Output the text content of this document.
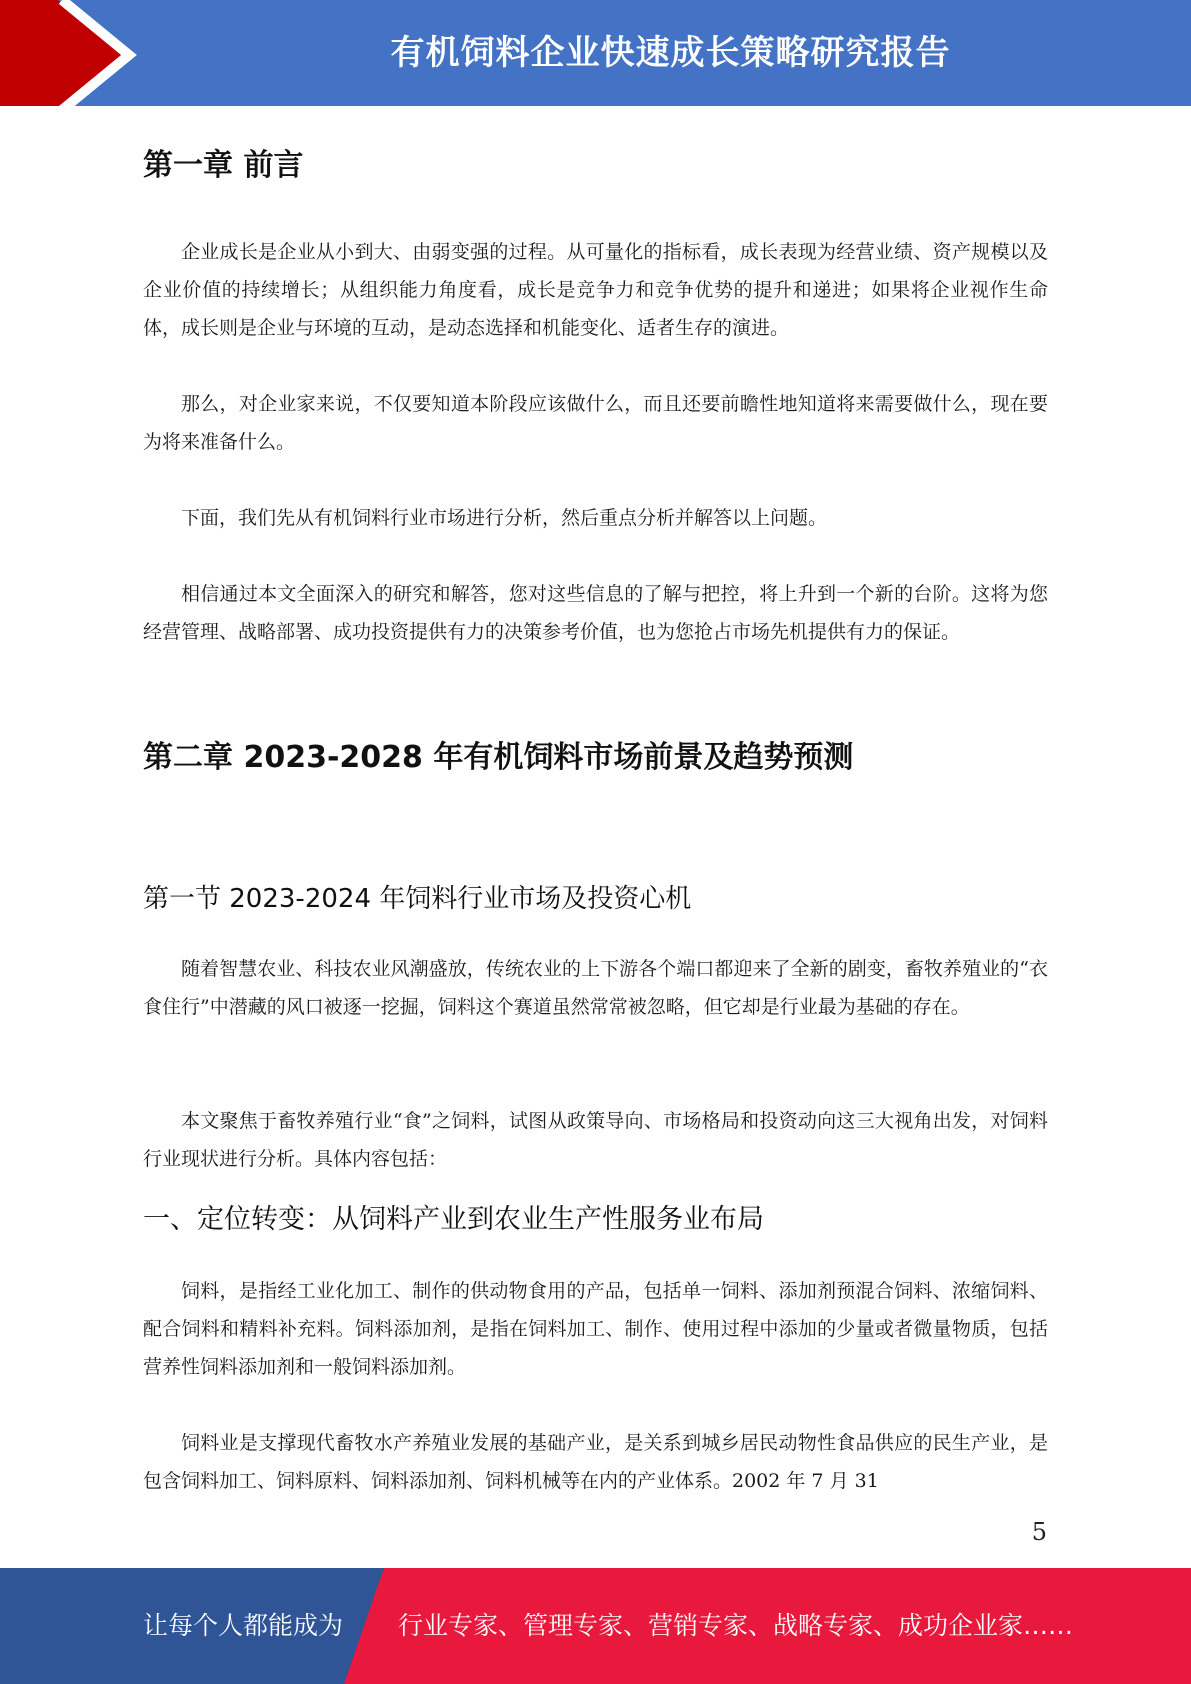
有机饲料企业快速成长策略研究报告
第一章 前言

企业成长是企业从小到大、由弱变强的过程。从可量化的指标看，成长表现为经营业绩、资产规模以及企业价值的持续增长；从组织能力角度看，成长是竞争力和竞争优势的提升和递进；如果将企业视作生命体，成长则是企业与环境的互动，是动态选择和机能变化、适者生存的演进。

那么，对企业家来说，不仅要知道本阶段应该做什么，而且还要前瞻性地知道将来需要做什么，现在要为将来准备什么。

下面，我们先从有机饲料行业市场进行分析，然后重点分析并解答以上问题。

相信通过本文全面深入的研究和解答，您对这些信息的了解与把控，将上升到一个新的台阶。这将为您经营管理、战略部署、成功投资提供有力的决策参考价值，也为您抢占市场先机提供有力的保证。

第二章 2023-2028 年有机饲料市场前景及趋势预测
第一节 2023-2024 年饲料行业市场及投资心机

随着智慧农业、科技农业风潮盛放，传统农业的上下游各个端口都迎来了全新的剧变，畜牧养殖业的“衣食住行”中潜藏的风口被逐一挖掘，饲料这个赛道虽然常常被忽略，但它却是行业最为基础的存在。

本文聚焦于畜牧养殖行业“食”之饲料，试图从政策导向、市场格局和投资动向这三大视角出发，对饲料行业现状进行分析。具体内容包括：

一、定位转变：从饲料产业到农业生产性服务业布局

饲料，是指经工业化加工、制作的供动物食用的产品，包括单一饲料、添加剂预混合饲料、浓缩饲料、配合饲料和精料补充料。饲料添加剂，是指在饲料加工、制作、使用过程中添加的少量或者微量物质，包括营养性饲料添加剂和一般饲料添加剂。

饲料业是支撑现代畜牧水产养殖业发展的基础产业，是关系到城乡居民动物性食品供应的民生产业，是包含饲料加工、饲料原料、饲料添加剂、饲料机械等在内的产业体系。2002 年 7 月 31

5
让每个人都能成为 行业专家、管理专家、营销专家、战略专家、成功企业家……
